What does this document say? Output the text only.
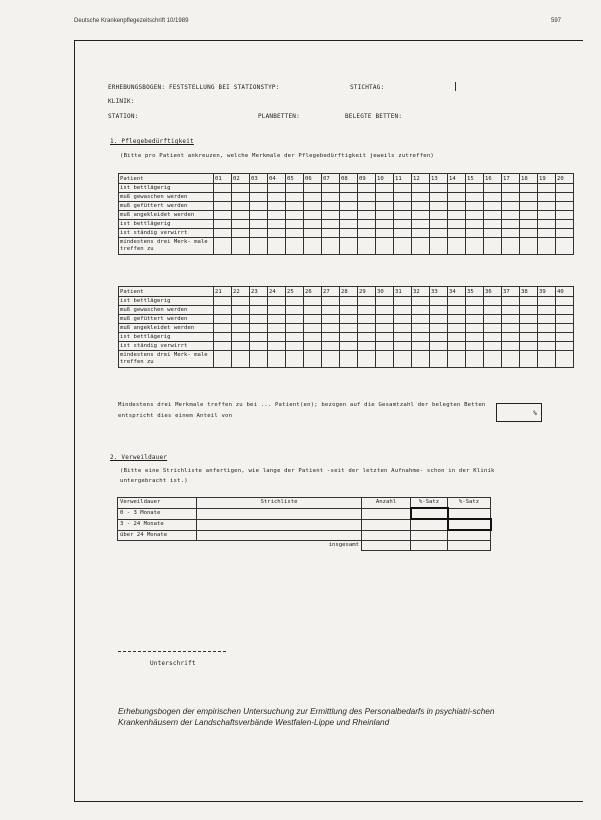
Deutsche Krankenpflegezeitschrift 10/1989	597
ERHEBUNGSBOGEN: FESTSTELLUNG BEI STATIONSTYP:	STICHTAG:
KLINIK:
STATION:	PLANBETTEN:	BELEGTE BETTEN:
1. Pflegebedürftigkeit
(Bitte pro Patient ankreuzen, welche Merkmale der Pflegebedürftigkeit jeweils zutreffen)
Patient	01	02	03	04	05	06	07	08	09	10	11	12	13	14	15	16	17	18	19	20
ist bettlägerig																				
muß gewaschen werden																				
muß gefüttert werden																				
muß angekleidet werden																				
ist bettlägerig																				
ist ständig verwirrt																				
mindestens drei Merk- male treffen zu																				
Patient	21	22	23	24	25	26	27	28	29	30	31	32	33	34	35	36	37	38	39	40
ist bettlägerig																				
muß gewaschen werden																				
muß gefüttert werden																				
muß angekleidet werden																				
ist bettlägerig																				
ist ständig verwirrt																				
mindestens drei Merk- male treffen zu																				
Mindestens drei Merkmale treffen zu bei ... Patient(en); bezogen auf die Gesamtzahl der belegten Betten
entspricht dies einem Anteil von	%
2. Verweildauer
(Bitte eine Strichliste anfertigen, wie lange der Patient -seit der letzten Aufnahme- schon in der Klinik
untergebracht ist.)
Verweildauer	Strichliste	Anzahl	%-Satz	%-Satz
0 - 3 Monate				
3 - 24 Monate				
über 24 Monate				
	insgesamt			
Unterschrift
Erhebungsbogen der empirischen Untersuchung zur Ermittlung des Personalbedarfs in psychiatri-schen Krankenhäusern der Landschaftsverbände Westfalen-Lippe und Rheinland
